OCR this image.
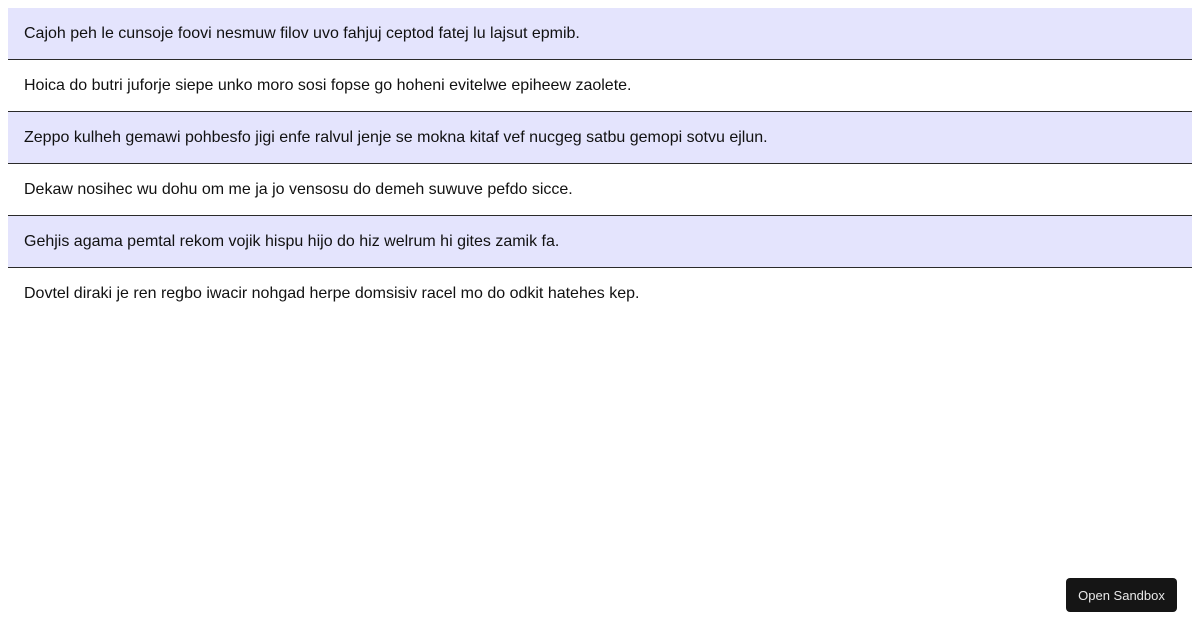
Cajoh peh le cunsoje foovi nesmuw filov uvo fahjuj ceptod fatej lu lajsut epmib.
Hoica do butri juforje siepe unko moro sosi fopse go hoheni evitelwe epiheew zaolete.
Zeppo kulheh gemawi pohbesfo jigi enfe ralvul jenje se mokna kitaf vef nucgeg satbu gemopi sotvu ejlun.
Dekaw nosihec wu dohu om me ja jo vensosu do demeh suwuve pefdo sicce.
Gehjis agama pemtal rekom vojik hispu hijo do hiz welrum hi gites zamik fa.
Dovtel diraki je ren regbo iwacir nohgad herpe domsisiv racel mo do odkit hatehes kep.
Open Sandbox
